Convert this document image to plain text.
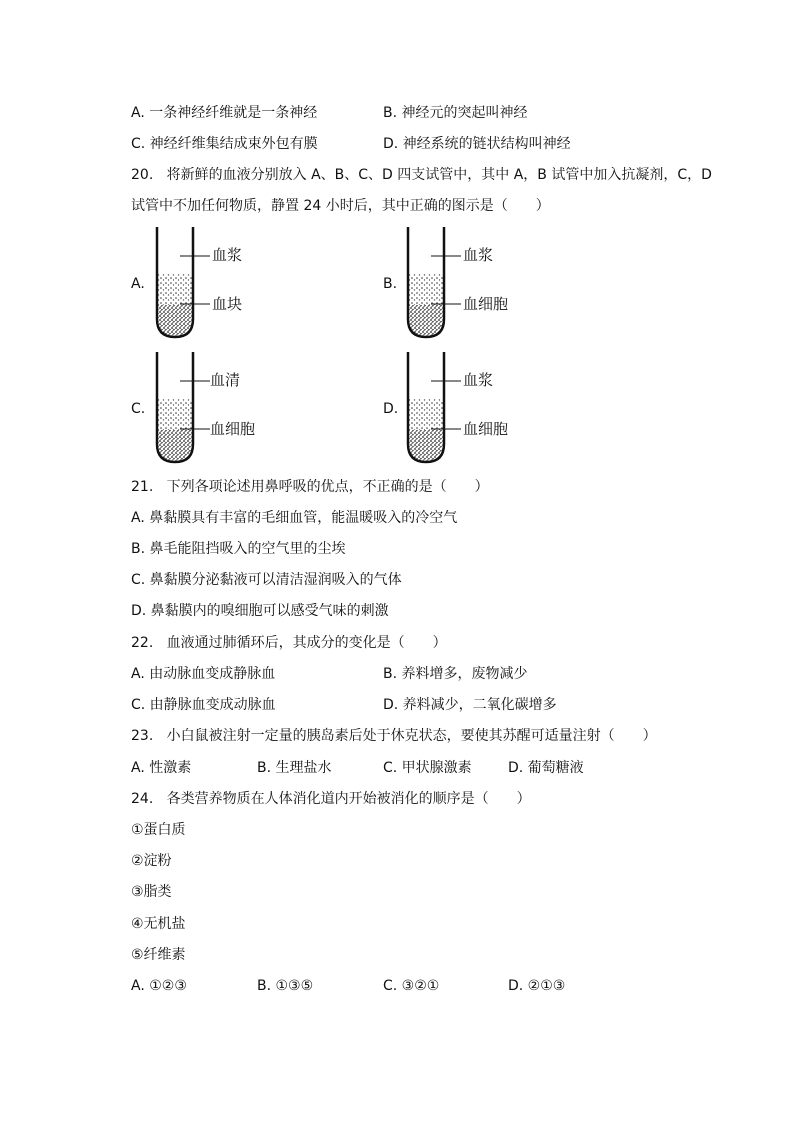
A. 一条神经纤维就是一条神经	B. 神经元的突起叫神经
C. 神经纤维集结成束外包有膜	D. 神经系统的链状结构叫神经
20.   将新鲜的血液分别放入 A、B、C、D 四支试管中，其中 A，B 试管中加入抗凝剂，C，D
试管中不加任何物质，静置 24 小时后，其中正确的图示是（　　）
A.
血浆
血块
B.
血浆
血细胞
C.
血清
血细胞
D.
血浆
血细胞
21.   下列各项论述用鼻呼吸的优点，不正确的是（　　）
A. 鼻黏膜具有丰富的毛细血管，能温暖吸入的冷空气
B. 鼻毛能阻挡吸入的空气里的尘埃
C. 鼻黏膜分泌黏液可以清洁湿润吸入的气体
D. 鼻黏膜内的嗅细胞可以感受气味的刺激
22.   血液通过肺循环后，其成分的变化是（　　）
A. 由动脉血变成静脉血	B. 养料增多，废物减少
C. 由静脉血变成动脉血	D. 养料减少，二氧化碳增多
23.   小白鼠被注射一定量的胰岛素后处于休克状态，要使其苏醒可适量注射（　　）
A. 性激素	B. 生理盐水	C. 甲状腺激素	D. 葡萄糖液
24.   各类营养物质在人体消化道内开始被消化的顺序是（　　）
①蛋白质
②淀粉
③脂类
④无机盐
⑤纤维素
A. ①②③	B. ①③⑤	C. ③②①	D. ②①③
